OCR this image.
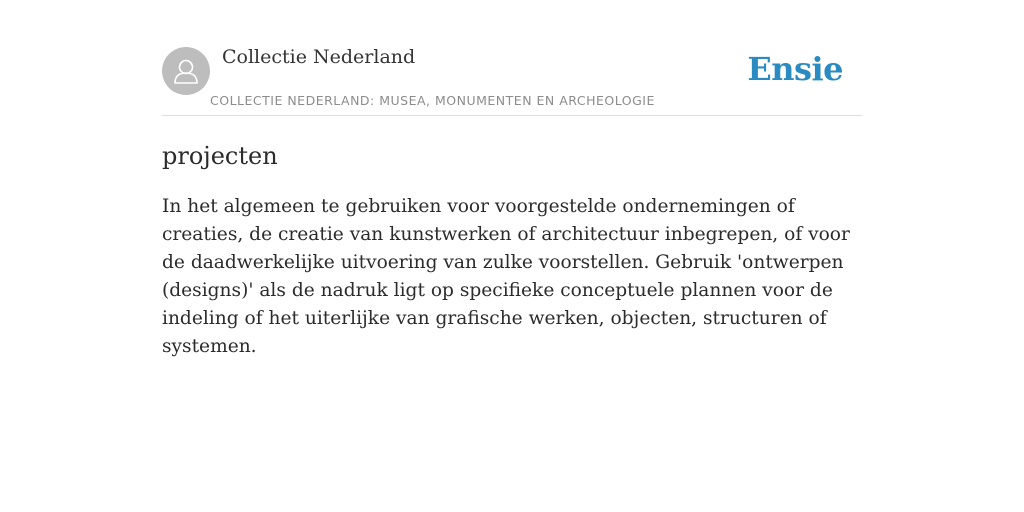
Collectie Nederland
COLLECTIE NEDERLAND: MUSEA, MONUMENTEN EN ARCHEOLOGIE
Ensie
projecten

In het algemeen te gebruiken voor voorgestelde ondernemingen of creaties, de creatie van kunstwerken of architectuur inbegrepen, of voor de daadwerkelijke uitvoering van zulke voorstellen. Gebruik 'ontwerpen (designs)' als de nadruk ligt op specifieke conceptuele plannen voor de indeling of het uiterlijke van grafische werken, objecten, structuren of systemen.
